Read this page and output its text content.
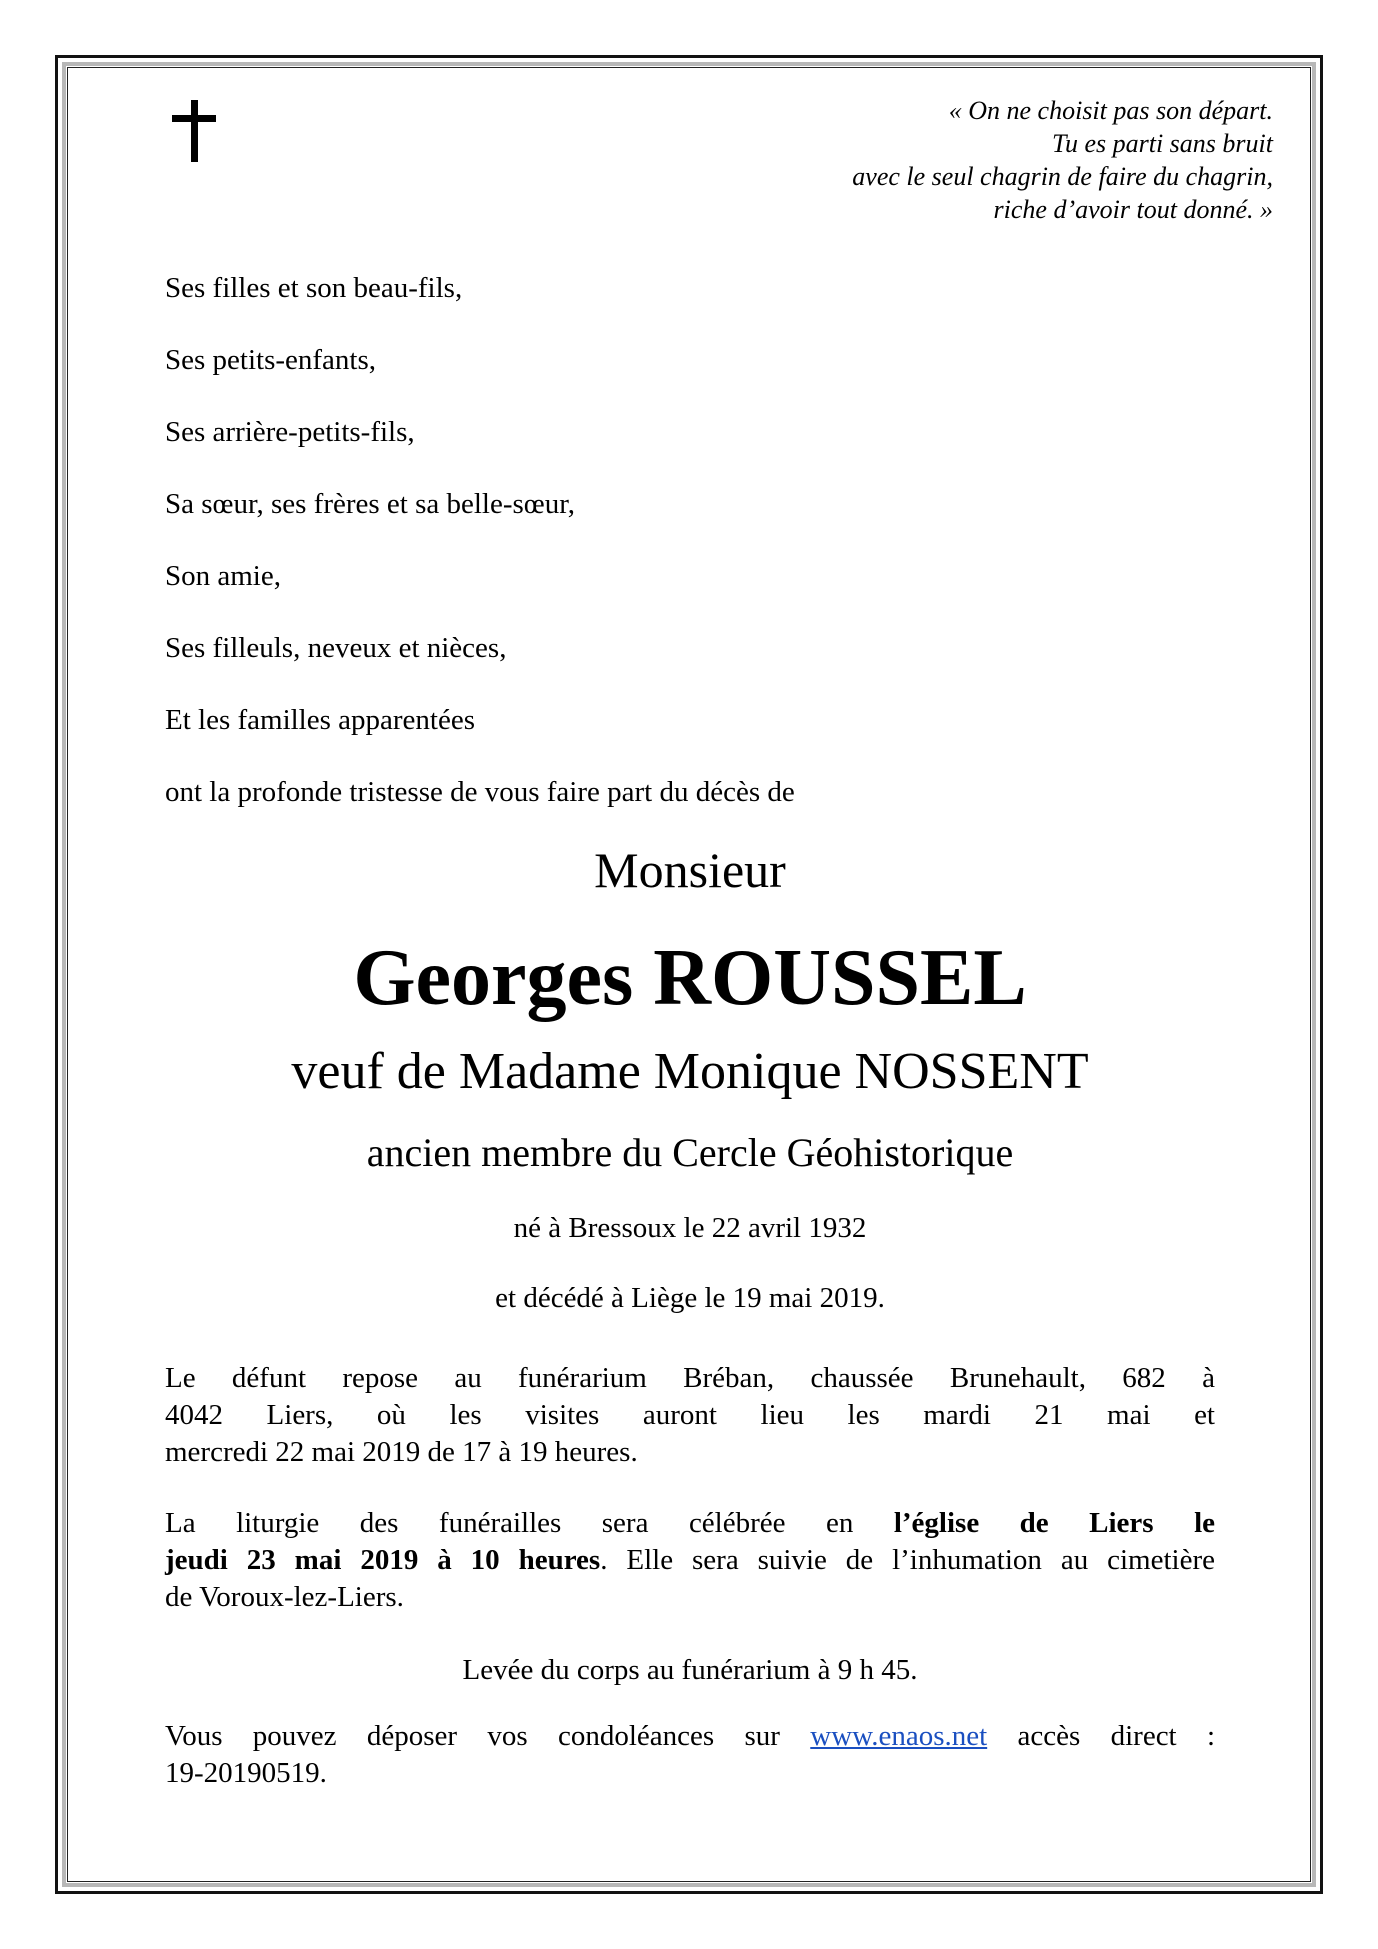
« On ne choisit pas son départ.
Tu es parti sans bruit
avec le seul chagrin de faire du chagrin,
riche d’avoir tout donné. »
Ses filles et son beau-fils,
Ses petits-enfants,
Ses arrière-petits-fils,
Sa sœur, ses frères et sa belle-sœur,
Son amie,
Ses filleuls, neveux et nièces,
Et les familles apparentées
ont la profonde tristesse de vous faire part du décès de
Monsieur
Georges ROUSSEL
veuf de Madame Monique NOSSENT
ancien membre du Cercle Géohistorique
né à Bressoux le 22 avril 1932
et décédé à Liège le 19 mai 2019.
Le défunt repose au funérarium Bréban, chaussée Brunehault, 682 à
4042 Liers, où les visites auront lieu les mardi 21 mai et
mercredi 22 mai 2019 de 17 à 19 heures.
La liturgie des funérailles sera célébrée en l’église de Liers le
jeudi 23 mai 2019 à 10 heures. Elle sera suivie de l’inhumation au cimetière
de Voroux-lez-Liers.
Levée du corps au funérarium à 9 h 45.
Vous pouvez déposer vos condoléances sur www.enaos.net accès direct :
19-20190519.
